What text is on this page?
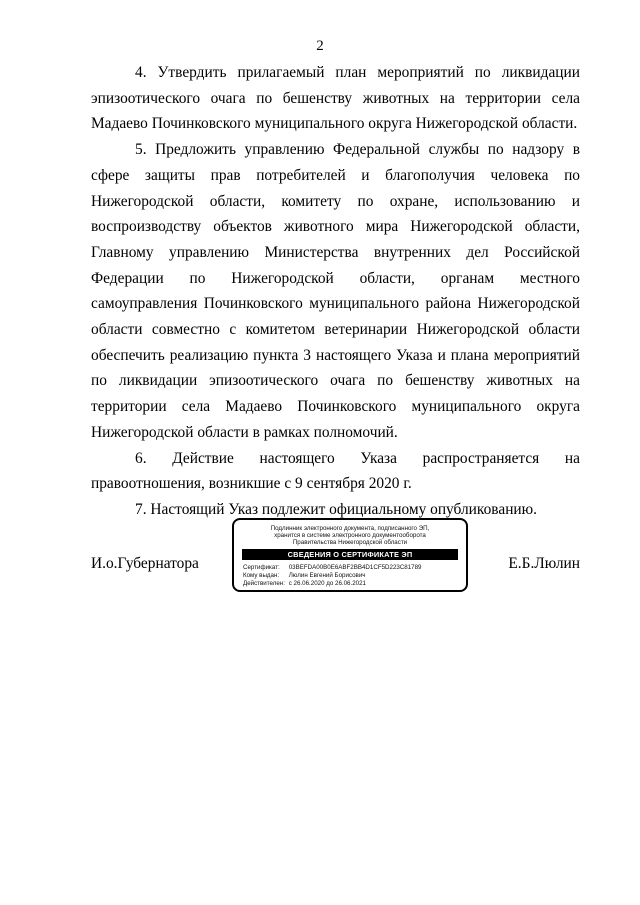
2

4. Утвердить прилагаемый план мероприятий по ликвидации эпизоотического очага по бешенству животных на территории села Мадаево Починковского муниципального округа Нижегородской области.

5. Предложить управлению Федеральной службы по надзору в сфере защиты прав потребителей и благополучия человека по Нижегородской области, комитету по охране, использованию и воспроизводству объектов животного мира Нижегородской области, Главному управлению Министерства внутренних дел Российской Федерации по Нижегородской области, органам местного самоуправления Починковского муниципального района Нижегородской области совместно с комитетом ветеринарии Нижегородской области обеспечить реализацию пункта 3 настоящего Указа и плана мероприятий по ликвидации эпизоотического очага по бешенству животных на территории села Мадаево Починковского муниципального округа Нижегородской области в рамках полномочий.

6. Действие настоящего Указа распространяется на правоотношения, возникшие с 9 сентября 2020 г.

7. Настоящий Указ подлежит официальному опубликованию.

И.о.Губернатора
Подлинник электронного документа, подписанного ЭП,
хранится в системе электронного документооборота
Правительства Нижегородской области
СВЕДЕНИЯ О СЕРТИФИКАТЕ ЭП
Сертификат: 03BEFDA00B0E6ABF2BB4D1CF5D223C81789
Кому выдан: Люлин Евгений Борисович
Действителен: с 26.06.2020 до 26.06.2021
Е.Б.Люлин
